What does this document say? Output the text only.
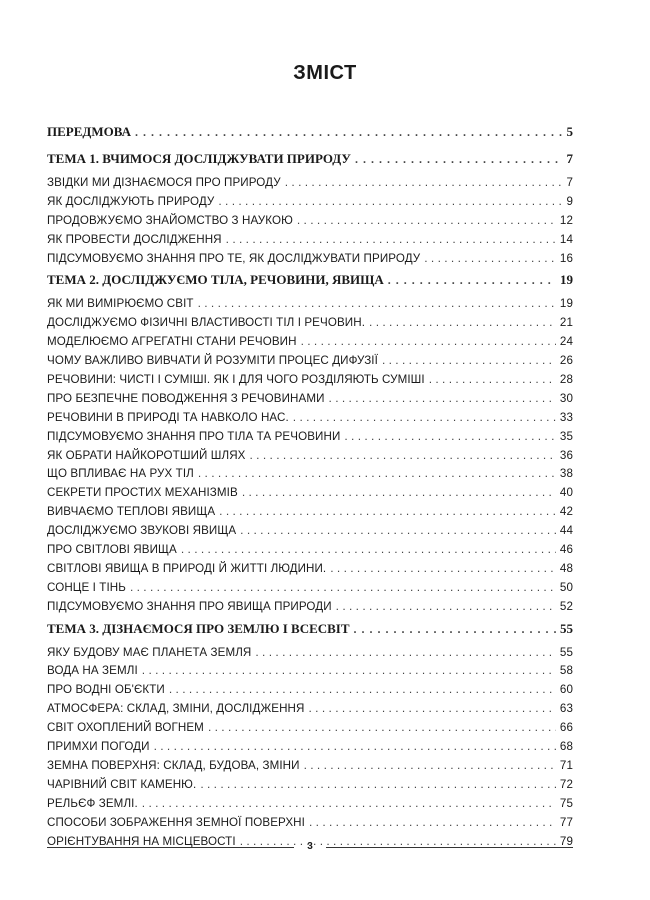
ЗМІСТ
ПЕРЕДМОВА . . .	5
ТЕМА 1. ВЧИМОСЯ ДОСЛІДЖУВАТИ ПРИРОДУ . . .	7
ЗВІДКИ МИ ДІЗНАЄМОСЯ ПРО ПРИРОДУ . . .	7
ЯК ДОСЛІДЖУЮТЬ ПРИРОДУ . . .	9
ПРОДОВЖУЄМО ЗНАЙОМСТВО З НАУКОЮ . . .	12
ЯК ПРОВЕСТИ ДОСЛІДЖЕННЯ . . .	14
ПІДСУМОВУЄМО ЗНАННЯ ПРО ТЕ, ЯК ДОСЛІДЖУВАТИ ПРИРОДУ . . .	16
ТЕМА 2. ДОСЛІДЖУЄМО ТІЛА, РЕЧОВИНИ, ЯВИЩА . . .	19
ЯК МИ ВИМІРЮЄМО СВІТ . . .	19
ДОСЛІДЖУЄМО ФІЗИЧНІ ВЛАСТИВОСТІ ТІЛ І РЕЧОВИН. . . .	21
МОДЕЛЮЄМО АГРЕГАТНІ СТАНИ РЕЧОВИН . . .	24
ЧОМУ ВАЖЛИВО ВИВЧАТИ Й РОЗУМІТИ ПРОЦЕС ДИФУЗІЇ . . .	26
РЕЧОВИНИ: ЧИСТІ І СУМІШІ. ЯК І ДЛЯ ЧОГО РОЗДІЛЯЮТЬ СУМІШІ . . .	28
ПРО БЕЗПЕЧНЕ ПОВОДЖЕННЯ З РЕЧОВИНАМИ . . .	30
РЕЧОВИНИ В ПРИРОДІ ТА НАВКОЛО НАС. . . .	33
ПІДСУМОВУЄМО ЗНАННЯ ПРО ТІЛА ТА РЕЧОВИНИ . . .	35
ЯК ОБРАТИ НАЙКОРОТШИЙ ШЛЯХ . . .	36
ЩО ВПЛИВАЄ НА РУХ ТІЛ . . .	38
СЕКРЕТИ ПРОСТИХ МЕХАНІЗМІВ . . .	40
ВИВЧАЄМО ТЕПЛОВІ ЯВИЩА . . .	42
ДОСЛІДЖУЄМО ЗВУКОВІ ЯВИЩА . . .	44
ПРО СВІТЛОВІ ЯВИЩА . . .	46
СВІТЛОВІ ЯВИЩА В ПРИРОДІ Й ЖИТТІ ЛЮДИНИ. . . .	48
СОНЦЕ І ТІНЬ . . .	50
ПІДСУМОВУЄМО ЗНАННЯ ПРО ЯВИЩА ПРИРОДИ . . .	52
ТЕМА 3. ДІЗНАЄМОСЯ ПРО ЗЕМЛЮ І ВСЕСВІТ . . .	55
ЯКУ БУДОВУ МАЄ ПЛАНЕТА ЗЕМЛЯ . . .	55
ВОДА НА ЗЕМЛІ . . .	58
ПРО ВОДНІ ОБ'ЄКТИ . . .	60
АТМОСФЕРА: СКЛАД, ЗМІНИ, ДОСЛІДЖЕННЯ . . .	63
СВІТ ОХОПЛЕНИЙ ВОГНЕМ . . .	66
ПРИМХИ ПОГОДИ . . .	68
ЗЕМНА ПОВЕРХНЯ: СКЛАД, БУДОВА, ЗМІНИ . . .	71
ЧАРІВНИЙ СВІТ КАМЕНЮ. . . .	72
РЕЛЬЄФ ЗЕМЛІ. . . .	75
СПОСОБИ ЗОБРАЖЕННЯ ЗЕМНОЇ ПОВЕРХНІ . . .	77
ОРІЄНТУВАННЯ НА МІСЦЕВОСТІ . . .	79
3
